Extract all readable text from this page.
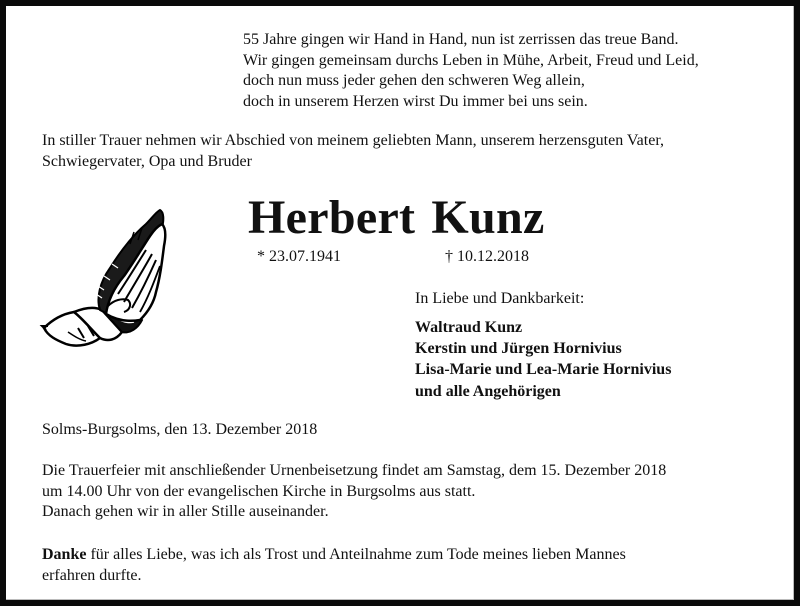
55 Jahre gingen wir Hand in Hand, nun ist zerrissen das treue Band.
Wir gingen gemeinsam durchs Leben in Mühe, Arbeit, Freud und Leid,
doch nun muss jeder gehen den schweren Weg allein,
doch in unserem Herzen wirst Du immer bei uns sein.
In stiller Trauer nehmen wir Abschied von meinem geliebten Mann, unserem herzensguten Vater,
Schwiegervater, Opa und Bruder
Herbert Kunz
* 23.07.1941	† 10.12.2018
In Liebe und Dankbarkeit:
Waltraud Kunz
Kerstin und Jürgen Hornivius
Lisa-Marie und Lea-Marie Hornivius
und alle Angehörigen
Solms-Burgsolms, den 13. Dezember 2018
Die Trauerfeier mit anschließender Urnenbeisetzung findet am Samstag, dem 15. Dezember 2018
um 14.00 Uhr von der evangelischen Kirche in Burgsolms aus statt.
Danach gehen wir in aller Stille auseinander.
Danke für alles Liebe, was ich als Trost und Anteilnahme zum Tode meines lieben Mannes
erfahren durfte.
